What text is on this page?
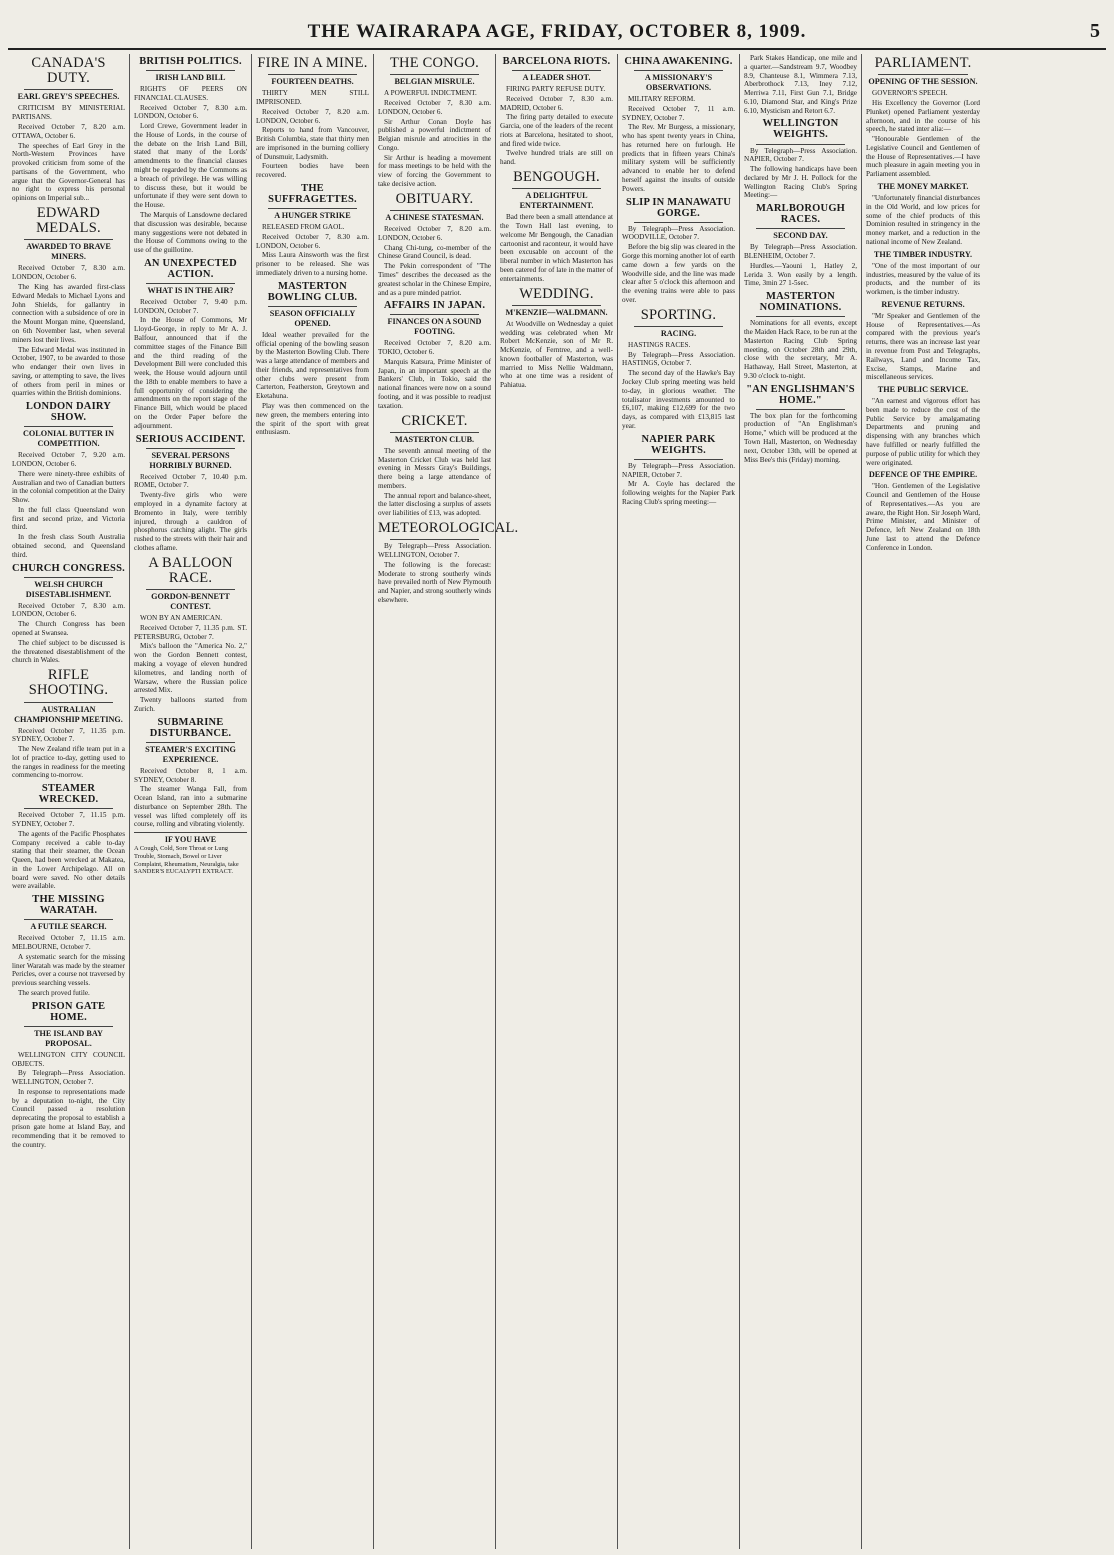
THE WAIRARAPA AGE, FRIDAY, OCTOBER 8, 1909.	5
CANADA'S DUTY.
EARL GREY'S SPEECHES.

CRITICISM BY MINISTERIAL PARTISANS.

Received October 7, 8.20 a.m. OTTAWA, October 6.

The speeches of Earl Grey in the North-Western Provinces have provoked criticism from some of the partisans of the Government, who argue that the Governor-General has no right to express his personal opinions on Imperial sub...

EDWARD MEDALS.
AWARDED TO BRAVE MINERS.

Received October 7, 8.30 a.m. LONDON, October 6.

The King has awarded first-class Edward Medals to Michael Lyons and John Shields, for gallantry in connection with a subsidence of ore in the Mount Morgan mine, Queensland, on 6th November last, when several miners lost their lives.

The Edward Medal was instituted in October, 1907, to be awarded to those who endanger their own lives in saving, or attempting to save, the lives of others from peril in mines or quarries within the British dominions.

LONDON DAIRY SHOW.
COLONIAL BUTTER IN COMPETITION.

Received October 7, 9.20 a.m. LONDON, October 6.

There were ninety-three exhibits of Australian and two of Canadian butters in the colonial competition at the Dairy Show.

In the full class Queensland won first and second prize, and Victoria third.

In the fresh class South Australia obtained second, and Queensland third.

CHURCH CONGRESS.
WELSH CHURCH DISESTABLISHMENT.

Received October 7, 8.30 a.m. LONDON, October 6.

The Church Congress has been opened at Swansea.

The chief subject to be discussed is the threatened disestablishment of the church in Wales.

RIFLE SHOOTING.
AUSTRALIAN CHAMPIONSHIP MEETING.

Received October 7, 11.35 p.m. SYDNEY, October 7.

The New Zealand rifle team put in a lot of practice to-day, getting used to the ranges in readiness for the meeting commencing to-morrow.

STEAMER WRECKED.

Received October 7, 11.15 p.m. SYDNEY, October 7.

The agents of the Pacific Phosphates Company received a cable to-day stating that their steamer, the Ocean Queen, had been wrecked at Makatea, in the Lower Archipelago. All on board were saved. No other details were available.

THE MISSING WARATAH.
A FUTILE SEARCH.

Received October 7, 11.15 a.m. MELBOURNE, October 7.

A systematic search for the missing liner Waratah was made by the steamer Pericles, over a course not traversed by previous searching vessels.

The search proved futile.

PRISON GATE HOME.
THE ISLAND BAY PROPOSAL.

WELLINGTON CITY COUNCIL OBJECTS.

By Telegraph—Press Association. WELLINGTON, October 7.

In response to representations made by a deputation to-night, the City Council passed a resolution deprecating the proposal to establish a prison gate home at Island Bay, and recommending that it be removed to the country.

BRITISH POLITICS.
IRISH LAND BILL

RIGHTS OF PEERS ON FINANCIAL CLAUSES.

Received October 7, 8.30 a.m. LONDON, October 6.

Lord Crewe, Government leader in the House of Lords, in the course of the debate on the Irish Land Bill, stated that many of the Lords' amendments to the financial clauses might be regarded by the Commons as a breach of privilege. He was willing to discuss these, but it would be unfortunate if they were sent down to the House.

The Marquis of Lansdowne declared that discussion was desirable, because many suggestions were not debated in the House of Commons owing to the use of the guillotine.

AN UNEXPECTED ACTION.
WHAT IS IN THE AIR?

Received October 7, 9.40 p.m. LONDON, October 7.

In the House of Commons, Mr Lloyd-George, in reply to Mr A. J. Balfour, announced that if the committee stages of the Finance Bill and the third reading of the Development Bill were concluded this week, the House would adjourn until the 18th to enable members to have a full opportunity of considering the amendments on the report stage of the Finance Bill, which would be placed on the Order Paper before the adjournment.

SERIOUS ACCIDENT.
SEVERAL PERSONS HORRIBLY BURNED.

Received October 7, 10.40 p.m. ROME, October 7.

Twenty-five girls who were employed in a dynamite factory at Bromento in Italy, were terribly injured, through a cauldron of phosphorus catching alight. The girls rushed to the streets with their hair and clothes aflame.

A BALLOON RACE.
GORDON-BENNETT CONTEST.

WON BY AN AMERICAN.

Received October 7, 11.35 p.m. ST. PETERSBURG, October 7.

Mix's balloon the "America No. 2," won the Gordon Bennett contest, making a voyage of eleven hundred kilometres, and landing north of Warsaw, where the Russian police arrested Mix.

Twenty balloons started from Zurich.

SUBMARINE DISTURBANCE.
STEAMER'S EXCITING EXPERIENCE.

Received October 8, 1 a.m. SYDNEY, October 8.

The steamer Wanga Fall, from Ocean Island, ran into a submarine disturbance on September 28th. The vessel was lifted completely off its course, rolling and vibrating violently.

IF YOU HAVE
A Cough, Cold, Sore Throat or Lung Trouble, Stomach, Bowel or Liver Complaint, Rheumatism, Neuralgia, take SANDER'S EUCALYPTI EXTRACT.
FIRE IN A MINE.
FOURTEEN DEATHS.

THIRTY MEN STILL IMPRISONED.

Received October 7, 8.20 a.m. LONDON, October 6.

Reports to hand from Vancouver, British Columbia, state that thirty men are imprisoned in the burning colliery of Dunsmuir, Ladysmith.

Fourteen bodies have been recovered.

THE SUFFRAGETTES.
A HUNGER STRIKE

RELEASED FROM GAOL.

Received October 7, 8.30 a.m. LONDON, October 6.

Miss Laura Ainsworth was the first prisoner to be released. She was immediately driven to a nursing home.

MASTERTON BOWLING CLUB.
SEASON OFFICIALLY OPENED.

Ideal weather prevailed for the official opening of the bowling season by the Masterton Bowling Club. There was a large attendance of members and their friends, and representatives from other clubs were present from Carterton, Featherston, Greytown and Eketahuna.

Play was then commenced on the new green, the members entering into the spirit of the sport with great enthusiasm.

THE CONGO.
BELGIAN MISRULE.

A POWERFUL INDICTMENT.

Received October 7, 8.30 a.m. LONDON, October 6.

Sir Arthur Conan Doyle has published a powerful indictment of Belgian misrule and atrocities in the Congo.

Sir Arthur is heading a movement for mass meetings to be held with the view of forcing the Government to take decisive action.

OBITUARY.
A CHINESE STATESMAN.

Received October 7, 8.20 a.m. LONDON, October 6.

Chang Chi-tung, co-member of the Chinese Grand Council, is dead.

The Pekin correspondent of "The Times" describes the deceased as the greatest scholar in the Chinese Empire, and as a pure minded patriot.

AFFAIRS IN JAPAN.
FINANCES ON A SOUND FOOTING.

Received October 7, 8.20 a.m. TOKIO, October 6.

Marquis Katsura, Prime Minister of Japan, in an important speech at the Bankers' Club, in Tokio, said the national finances were now on a sound footing, and it was possible to readjust taxation.

CRICKET.
MASTERTON CLUB.

The seventh annual meeting of the Masterton Cricket Club was held last evening in Messrs Gray's Buildings, there being a large attendance of members.

The annual report and balance-sheet, the latter disclosing a surplus of assets over liabilities of £13, was adopted.

METEOROLOGICAL.

By Telegraph—Press Association. WELLINGTON, October 7.

The following is the forecast: Moderate to strong southerly winds have prevailed north of New Plymouth and Napier, and strong southerly winds elsewhere.

BARCELONA RIOTS.
A LEADER SHOT.

FIRING PARTY REFUSE DUTY.

Received October 7, 8.30 a.m. MADRID, October 6.

The firing party detailed to execute Garcia, one of the leaders of the recent riots at Barcelona, hesitated to shoot, and fired wide twice.

Twelve hundred trials are still on hand.

BENGOUGH.
A DELIGHTFUL ENTERTAINMENT.

Bad there been a small attendance at the Town Hall last evening, to welcome Mr Bengough, the Canadian cartoonist and raconteur, it would have been excusable on account of the liberal number in which Masterton has been catered for of late in the matter of entertainments.

WEDDING.
M'KENZIE—WALDMANN.

At Woodville on Wednesday a quiet wedding was celebrated when Mr Robert McKenzie, son of Mr R. McKenzie, of Ferntree, and a well-known footballer of Masterton, was married to Miss Nellie Waldmann, who at one time was a resident of Pahiatua.

CHINA AWAKENING.
A MISSIONARY'S OBSERVATIONS.

MILITARY REFORM.

Received October 7, 11 a.m. SYDNEY, October 7.

The Rev. Mr Burgess, a missionary, who has spent twenty years in China, has returned here on furlough. He predicts that in fifteen years China's military system will be sufficiently advanced to enable her to defend herself against the insults of outside Powers.

SLIP IN MANAWATU GORGE.

By Telegraph—Press Association. WOODVILLE, October 7.

Before the big slip was cleared in the Gorge this morning another lot of earth came down a few yards on the Woodville side, and the line was made clear after 5 o'clock this afternoon and the evening trains were able to pass over.

SPORTING.
RACING.

HASTINGS RACES.

By Telegraph—Press Association. HASTINGS, October 7.

The second day of the Hawke's Bay Jockey Club spring meeting was held to-day, in glorious weather. The totalisator investments amounted to £6,107, making £12,699 for the two days, as compared with £13,815 last year.

NAPIER PARK WEIGHTS.

By Telegraph—Press Association. NAPIER, October 7.

Mr A. Coyle has declared the following weights for the Napier Park Racing Club's spring meeting:—

Park Stakes Handicap, one mile and a quarter.—Sandstream 9.7, Woodbey 8.9, Chanteuse 8.1, Wimmera 7.13, Aberbrothock 7.13, Iney 7.12, Merriwa 7.11, First Gun 7.1, Bridge 6.10, Diamond Star, and King's Prize 6.10, Mysticism and Retort 6.7.

WELLINGTON WEIGHTS.

By Telegraph—Press Association. NAPIER, October 7.

The following handicaps have been declared by Mr J. H. Pollock for the Wellington Racing Club's Spring Meeting:—

MARLBOROUGH RACES.
SECOND DAY.

By Telegraph—Press Association. BLENHEIM, October 7.

Hurdles.—Yaouni 1, Hatley 2, Lerida 3. Won easily by a length. Time, 3min 27 1-5sec.

MASTERTON NOMINATIONS.

Nominations for all events, except the Maiden Hack Race, to be run at the Masterton Racing Club Spring meeting, on October 28th and 29th, close with the secretary, Mr A. Hathaway, Hall Street, Masterton, at 9.30 o'clock to-night.

"AN ENGLISHMAN'S HOME."

The box plan for the forthcoming production of "An Englishman's Home," which will be produced at the Town Hall, Masterton, on Wednesday next, October 13th, will be opened at Miss Bee's this (Friday) morning.

PARLIAMENT.
OPENING OF THE SESSION.

GOVERNOR'S SPEECH.

His Excellency the Governor (Lord Plunket) opened Parliament yesterday afternoon, and in the course of his speech, he stated inter alia:—

"Honourable Gentlemen of the Legislative Council and Gentlemen of the House of Representatives.—I have much pleasure in again meeting you in Parliament assembled.

THE MONEY MARKET.

"Unfortunately financial disturbances in the Old World, and low prices for some of the chief products of this Dominion resulted in stringency in the money market, and a reduction in the national income of New Zealand.

THE TIMBER INDUSTRY.

"One of the most important of our industries, measured by the value of its products, and the number of its workmen, is the timber industry.

REVENUE RETURNS.

"Mr Speaker and Gentlemen of the House of Representatives.—As compared with the previous year's returns, there was an increase last year in revenue from Post and Telegraphs, Railways, Land and Income Tax, Excise, Stamps, Marine and miscellaneous services.

THE PUBLIC SERVICE.

"An earnest and vigorous effort has been made to reduce the cost of the Public Service by amalgamating Departments and pruning and dispensing with any branches which have fulfilled or nearly fulfilled the purpose of public utility for which they were originated.

DEFENCE OF THE EMPIRE.

"Hon. Gentlemen of the Legislative Council and Gentlemen of the House of Representatives.—As you are aware, the Right Hon. Sir Joseph Ward, Prime Minister, and Minister of Defence, left New Zealand on 18th June last to attend the Defence Conference in London.
